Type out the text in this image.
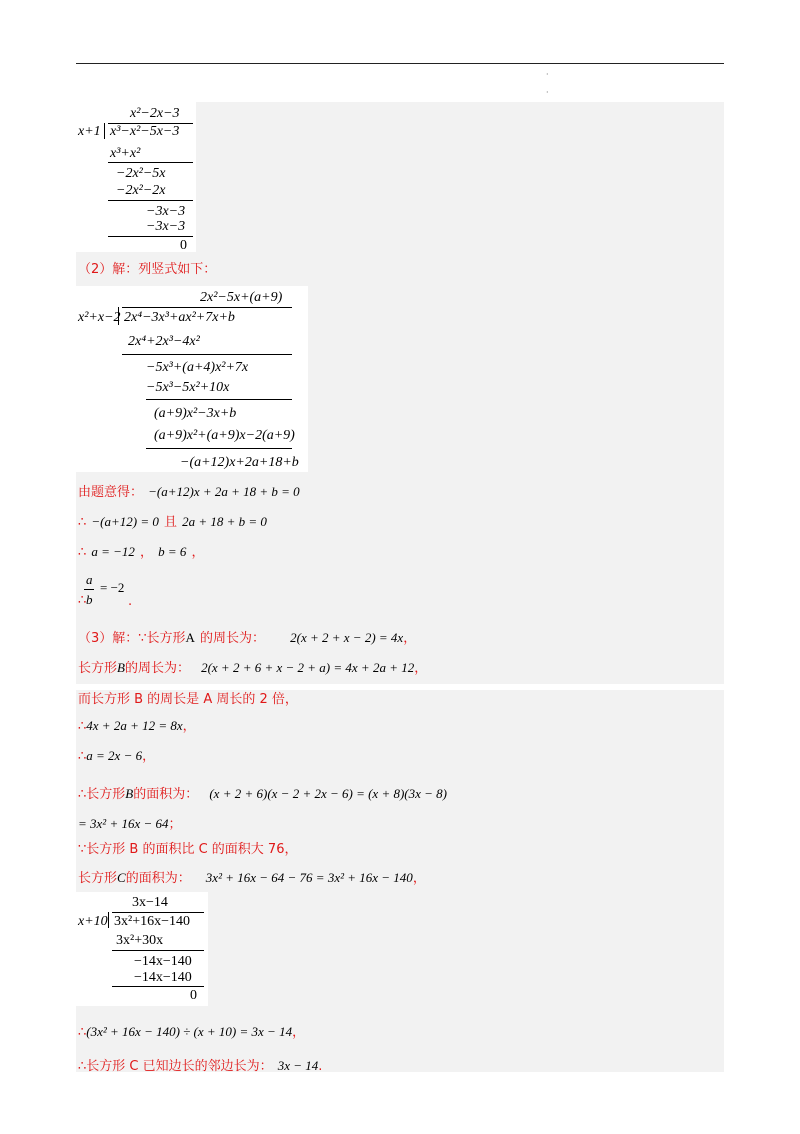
·
·
x²−2x−3
x+1 x³−x²−5x−3
x³+x²
−2x²−5x
−2x²−2x
−3x−3
−3x−3
0
（2）解：列竖式如下：
2x²−5x+(a+9)
x²+x−2 2x⁴−3x³+ax²+7x+b
2x⁴+2x³−4x²
−5x³+(a+4)x²+7x
−5x³−5x²+10x
(a+9)x²−3x+b
(a+9)x²+(a+9)x−2(a+9)
−(a+12)x+2a+18+b
由题意得： −(a+12)x + 2a + 18 + b = 0
∴ −(a+12) = 0 且 2a + 18 + b = 0
∴ a = −12 ， b = 6 ，
∴
a
b
= −2
.
（3）解：∵长方形A 的周长为： 2(x + 2 + x − 2) = 4x，
长方形B的周长为： 2(x + 2 + 6 + x − 2 + a) = 4x + 2a + 12，
而长方形 B 的周长是 A 周长的 2 倍，
∴4x + 2a + 12 = 8x，
∴a = 2x − 6，
∴长方形B的面积为： (x + 2 + 6)(x − 2 + 2x − 6) = (x + 8)(3x − 8)
= 3x² + 16x − 64；
∵长方形 B 的面积比 C 的面积大 76，
长方形C的面积为： 3x² + 16x − 64 − 76 = 3x² + 16x − 140，
3x−14
x+10 3x²+16x−140
3x²+30x
−14x−140
−14x−140
0
∴(3x² + 16x − 140) ÷ (x + 10) = 3x − 14，
∴长方形 C 已知边长的邻边长为： 3x − 14.
